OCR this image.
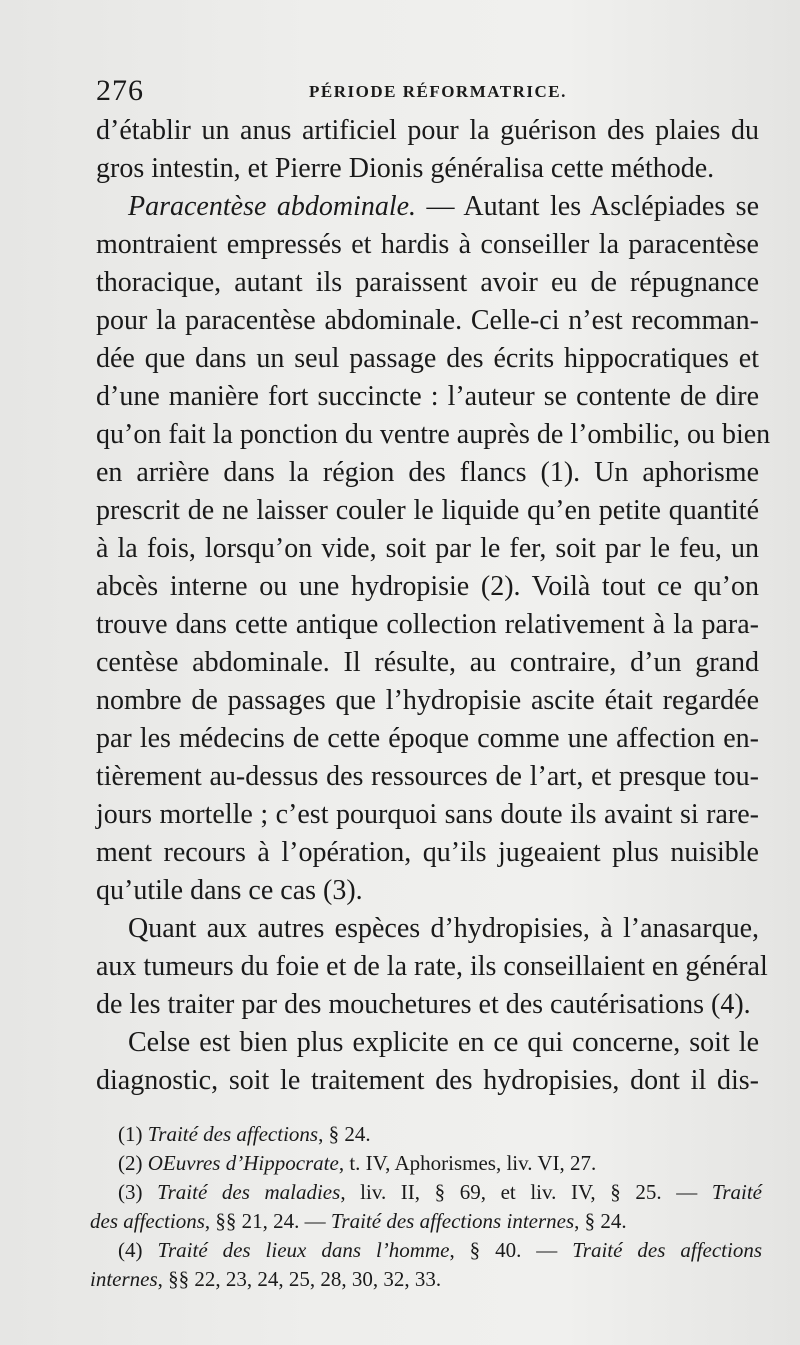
276	PÉRIODE RÉFORMATRICE.
d’établir un anus artificiel pour la guérison des plaies du
gros intestin, et Pierre Dionis généralisa cette méthode.
Paracentèse abdominale. — Autant les Asclépiades se
montraient empressés et hardis à conseiller la paracentèse
thoracique, autant ils paraissent avoir eu de répugnance
pour la paracentèse abdominale. Celle-ci n’est recomman-
dée que dans un seul passage des écrits hippocratiques et
d’une manière fort succincte : l’auteur se contente de dire
qu’on fait la ponction du ventre auprès de l’ombilic, ou bien
en arrière dans la région des flancs (1). Un aphorisme
prescrit de ne laisser couler le liquide qu’en petite quantité
à la fois, lorsqu’on vide, soit par le fer, soit par le feu, un
abcès interne ou une hydropisie (2). Voilà tout ce qu’on
trouve dans cette antique collection relativement à la para-
centèse abdominale. Il résulte, au contraire, d’un grand
nombre de passages que l’hydropisie ascite était regardée
par les médecins de cette époque comme une affection en-
tièrement au-dessus des ressources de l’art, et presque tou-
jours mortelle ; c’est pourquoi sans doute ils avaint si rare-
ment recours à l’opération, qu’ils jugeaient plus nuisible
qu’utile dans ce cas (3).
Quant aux autres espèces d’hydropisies, à l’anasarque,
aux tumeurs du foie et de la rate, ils conseillaient en général
de les traiter par des mouchetures et des cautérisations (4).
Celse est bien plus explicite en ce qui concerne, soit le
diagnostic, soit le traitement des hydropisies, dont il dis-
(1) Traité des affections, § 24.
(2) OEuvres d’Hippocrate, t. IV, Aphorismes, liv. VI, 27.
(3) Traité des maladies, liv. II, § 69, et liv. IV, § 25. — Traité
des affections, §§ 21, 24. — Traité des affections internes, § 24.
(4) Traité des lieux dans l’homme, § 40. — Traité des affections
internes, §§ 22, 23, 24, 25, 28, 30, 32, 33.
